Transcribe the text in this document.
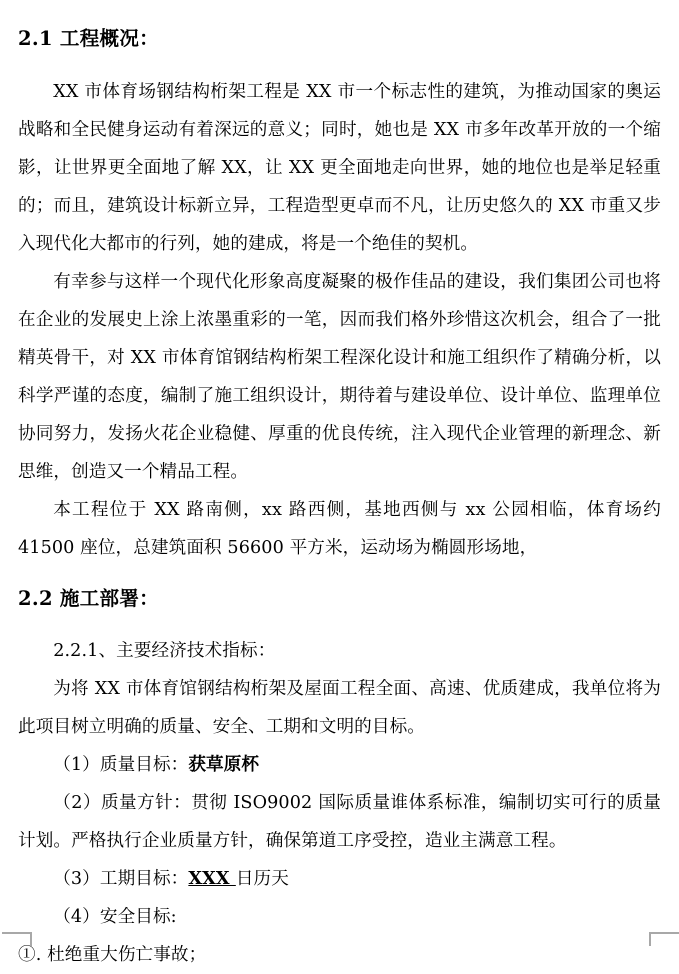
2.1 工程概况：

XX 市体育场钢结构桁架工程是 XX 市一个标志性的建筑，为推动国家的奥运战略和全民健身运动有着深远的意义；同时，她也是 XX 市多年改革开放的一个缩影，让世界更全面地了解 XX，让 XX 更全面地走向世界，她的地位也是举足轻重的；而且，建筑设计标新立异，工程造型更卓而不凡，让历史悠久的 XX 市重又步入现代化大都市的行列，她的建成，将是一个绝佳的契机。

有幸参与这样一个现代化形象高度凝聚的极作佳品的建设，我们集团公司也将在企业的发展史上涂上浓墨重彩的一笔，因而我们格外珍惜这次机会，组合了一批精英骨干，对 XX 市体育馆钢结构桁架工程深化设计和施工组织作了精确分析，以科学严谨的态度，编制了施工组织设计，期待着与建设单位、设计单位、监理单位协同努力，发扬火花企业稳健、厚重的优良传统，注入现代企业管理的新理念、新思维，创造又一个精品工程。

本工程位于 XX 路南侧，xx 路西侧，基地西侧与 xx 公园相临，体育场约 41500 座位，总建筑面积 56600 平方米，运动场为椭圆形场地，

2.2 施工部署：

2.2.1、主要经济技术指标：

为将 XX 市体育馆钢结构桁架及屋面工程全面、高速、优质建成，我单位将为此项目树立明确的质量、安全、工期和文明的目标。

（1）质量目标：获草原杯

（2）质量方针：贯彻 ISO9002 国际质量谁体系标准，编制切实可行的质量计划。严格执行企业质量方针，确保第道工序受控，造业主满意工程。

（3）工期目标：XXX 日历天

（4）安全目标:

①. 杜绝重大伤亡事故；
